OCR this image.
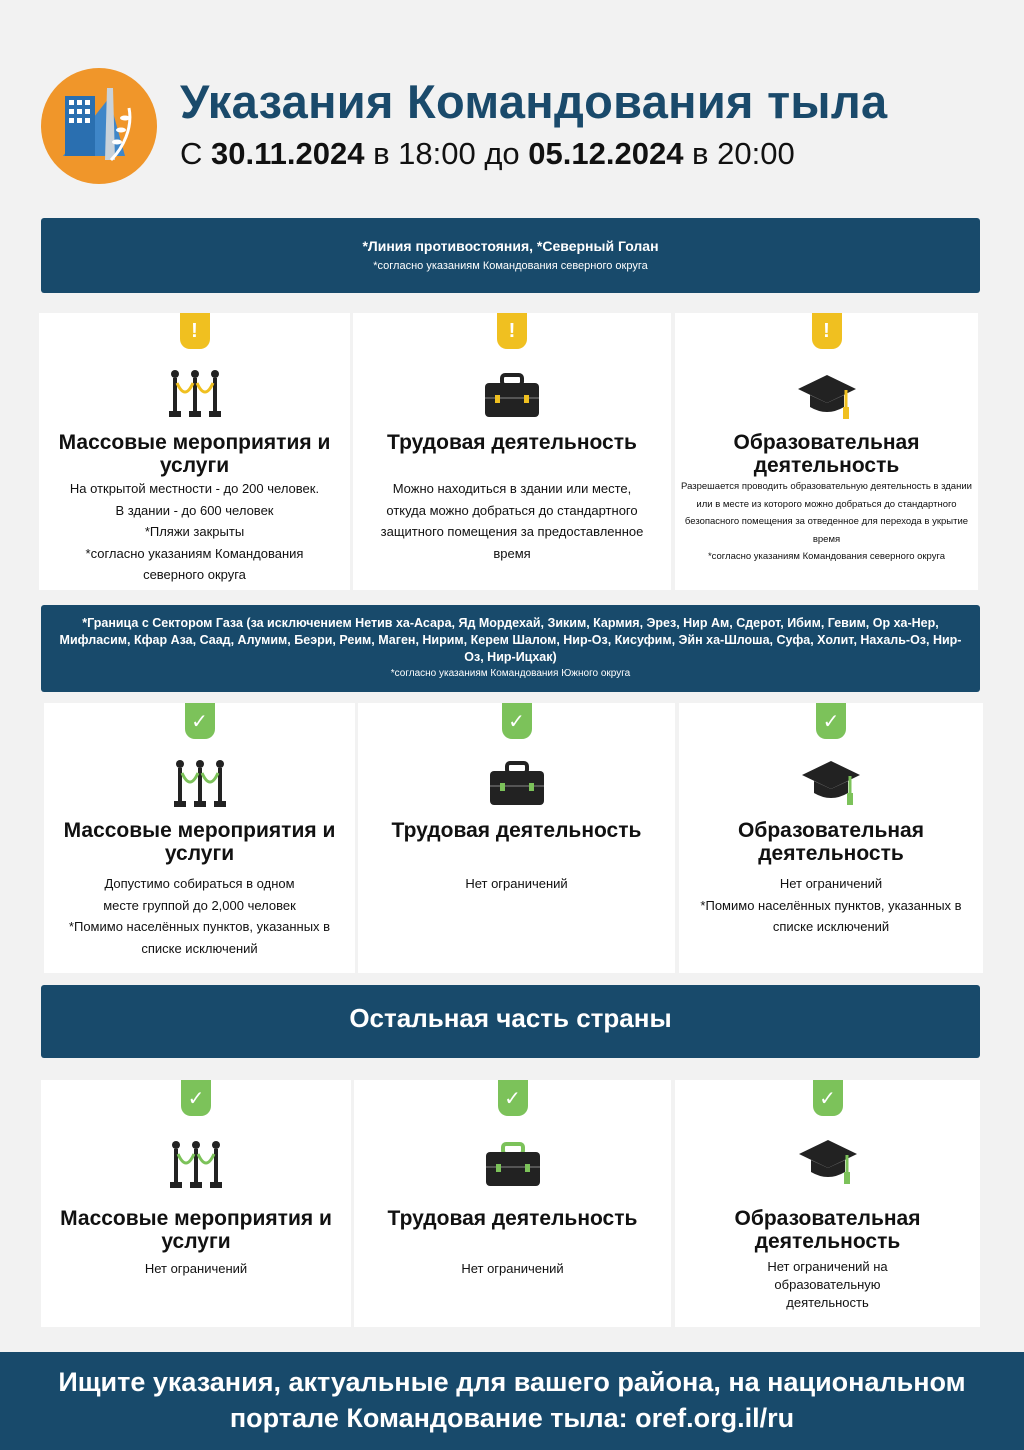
Указания Командования тыла
С 30.11.2024 в 18:00 до 05.12.2024 в 20:00
*Линия противостояния, *Северный Голан
*согласно указаниям Командования северного округа
!
Массовые мероприятия и услуги
На открытой местности - до 200 человек.
В здании - до 600 человек
*Пляжи закрыты
*согласно указаниям Командования северного округа
!
Трудовая деятельность
Можно находиться в здании или месте, откуда можно добраться до стандартного защитного помещения за предоставленное время
!
Образовательная деятельность
Разрешается проводить образовательную деятельность в здании или в месте из которого можно добраться до стандартного безопасного помещения за отведенное для перехода в укрытие время
*согласно указаниям Командования северного округа
*Граница с Сектором Газа (за исключением Нетив ха-Асара, Яд Мордехай, Зиким, Кармия, Эрез, Нир Ам, Сдерот, Ибим, Гевим, Ор ха-Нер, Мифласим, Кфар Аза, Саад, Алумим, Беэри, Реим, Маген, Нирим, Керем Шалом, Нир-Оз, Кисуфим, Эйн ха-Шлоша, Суфа, Холит, Нахаль-Оз, Нир-Оз, Нир-Ицхак)
*согласно указаниям Командования Южного округа
✓
Массовые мероприятия и услуги
Допустимо собираться в одном месте группой до 2,000 человек
*Помимо населённых пунктов, указанных в списке исключений
✓
Трудовая деятельность
Нет ограничений
✓
Образовательная деятельность
Нет ограничений
*Помимо населённых пунктов, указанных в списке исключений
Остальная часть страны
✓
Массовые мероприятия и услуги
Нет ограничений
✓
Трудовая деятельность
Нет ограничений
✓
Образовательная деятельность
Нет ограничений на образовательную деятельность
Ищите указания, актуальные для вашего района, на национальном
портале Командование тыла: oref.org.il/ru
